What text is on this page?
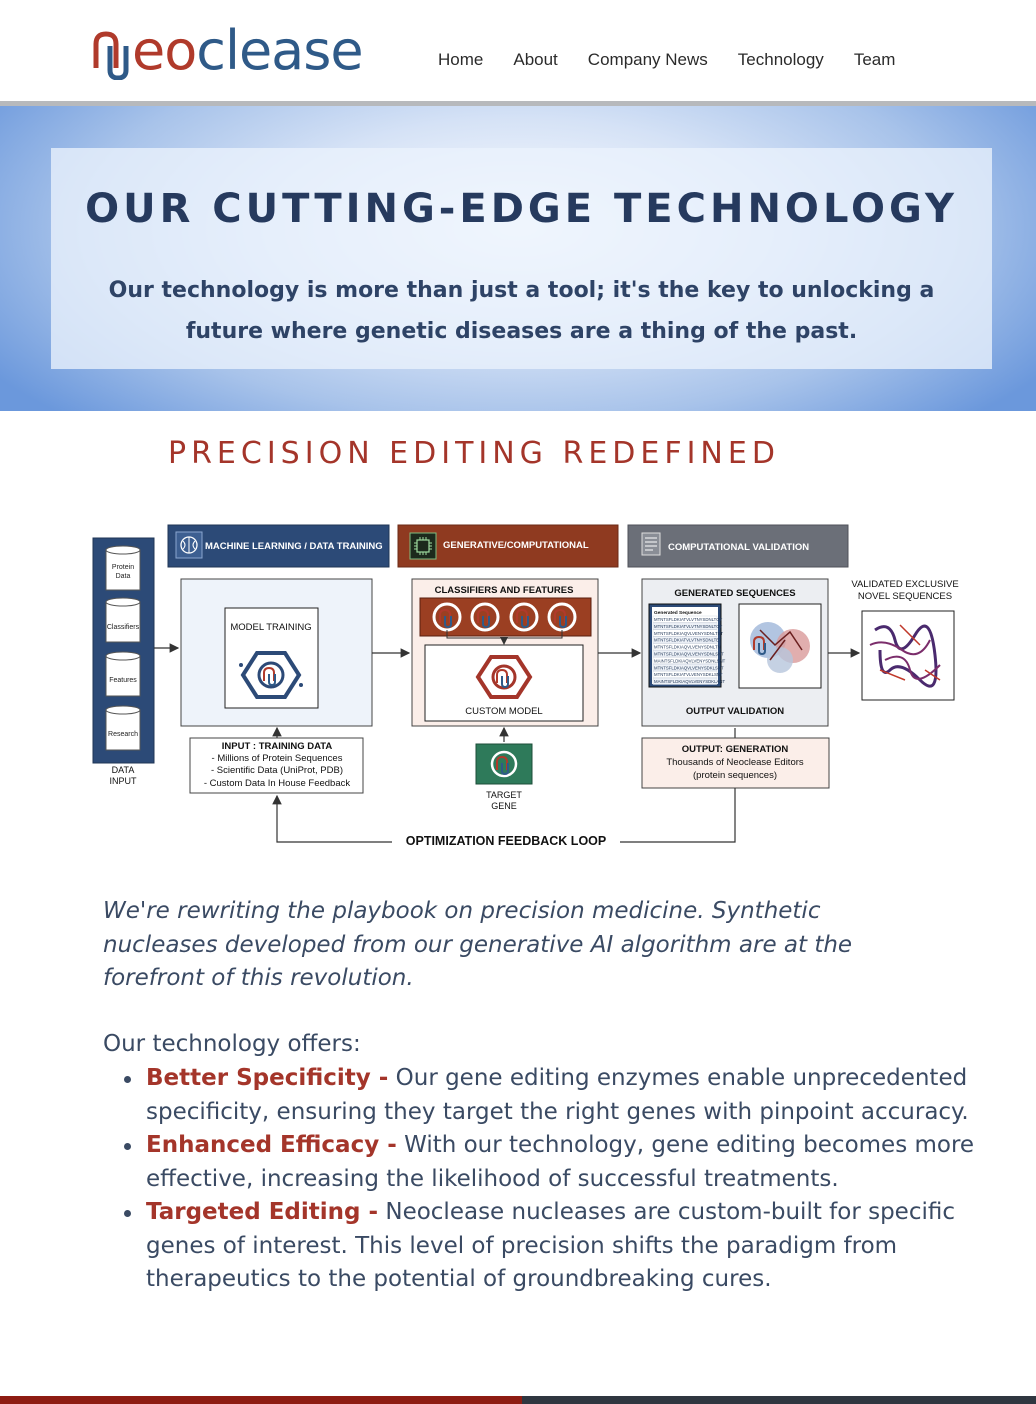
eoclease	Home About Company News Technology Team
OUR CUTTING-EDGE TECHNOLOGY
Our technology is more than just a tool; it's the key to unlocking a future where genetic diseases are a thing of the past.
PRECISION EDITING REDEFINED
Protein
Data
Classifiers
Features
Research
DATA
INPUT
MACHINE LEARNING / DATA TRAINING	GENERATIVE/COMPUTATIONAL	COMPUTATIONAL VALIDATION
MODEL TRAINING
CLASSIFIERS AND FEATURES
CUSTOM MODEL
GENERATED SEQUENCES
Generated Sequence
MTNTSFLDKIATVLVTNYSDNLTOT
MTNTSFLDKIATVLVTNYSDNLTOT
MTNTSFLDKIAQVLVENYSDNLTET
MTNTSFLDKIATVLVTNYSDNLTET
MTNTSFLDKIAQVLVENYSDNLTN
MTNTSFLDKIAQVLVENYSDNLSNT
MAINTSFLDKIAQVLVENYSDNLSNT
MTNTSFLDKIAQVLVENYSDKLSNT
MTNTSFLDKIATVLVENYSDKLSNT
MAINTSFLDKIAQVLVENYSDKLANT
OUTPUT VALIDATION
VALIDATED EXCLUSIVE
NOVEL SEQUENCES
INPUT : TRAINING DATA
- Millions of Protein Sequences
- Scientific Data (UniProt, PDB)
- Custom Data In House Feedback
TARGET
GENE
OUTPUT: GENERATION
Thousands of Neoclease Editors
(protein sequences)
OPTIMIZATION FEEDBACK LOOP

We're rewriting the playbook on precision medicine. Synthetic nucleases developed from our generative AI algorithm are at the forefront of this revolution.

Our technology offers:
Better Specificity - Our gene editing enzymes enable unprecedented specificity, ensuring they target the right genes with pinpoint accuracy.
Enhanced Efficacy - With our technology, gene editing becomes more effective, increasing the likelihood of successful treatments.
Targeted Editing - Neoclease nucleases are custom-built for specific genes of interest. This level of precision shifts the paradigm from therapeutics to the potential of groundbreaking cures.
